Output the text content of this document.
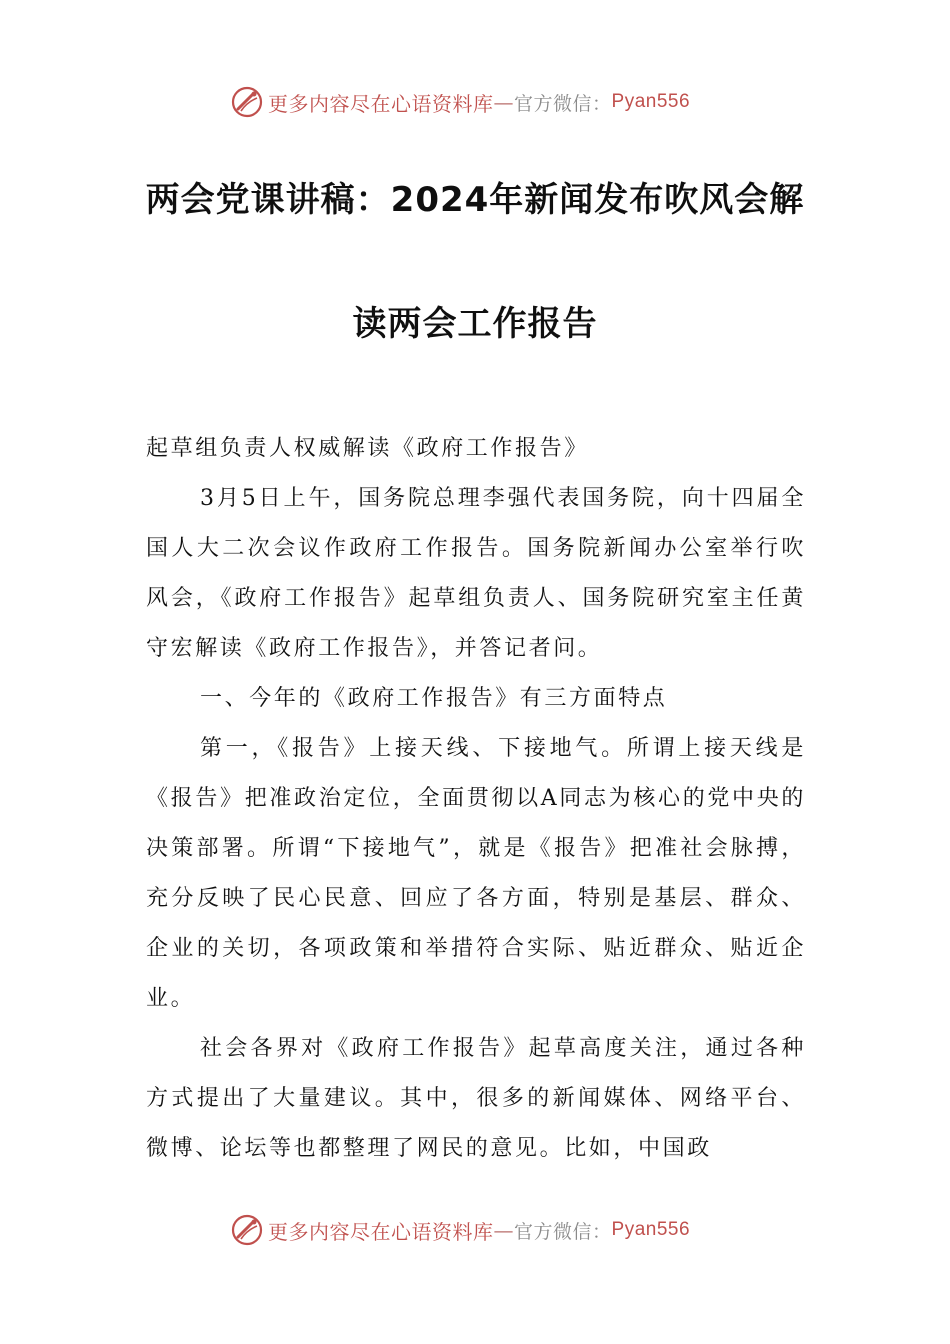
更多内容尽在心语资料库 — 官方微信： Pyan556
两会党课讲稿：2024年新闻发布吹风会解
读两会工作报告

起草组负责人权威解读《政府工作报告》

3月5日上午，国务院总理李强代表国务院，向十四届全国人大二次会议作政府工作报告。国务院新闻办公室举行吹风会，《政府工作报告》起草组负责人、国务院研究室主任黄守宏解读《政府工作报告》，并答记者问。

一、今年的《政府工作报告》有三方面特点

第一，《报告》上接天线、下接地气。所谓上接天线是《报告》把准政治定位，全面贯彻以A同志为核心的党中央的决策部署。所谓“下接地气”，就是《报告》把准社会脉搏，充分反映了民心民意、回应了各方面，特别是基层、群众、企业的关切，各项政策和举措符合实际、贴近群众、贴近企业。

社会各界对《政府工作报告》起草高度关注，通过各种方式提出了大量建议。其中，很多的新闻媒体、网络平台、微博、论坛等也都整理了网民的意见。比如，中国政

更多内容尽在心语资料库 — 官方微信： Pyan556
